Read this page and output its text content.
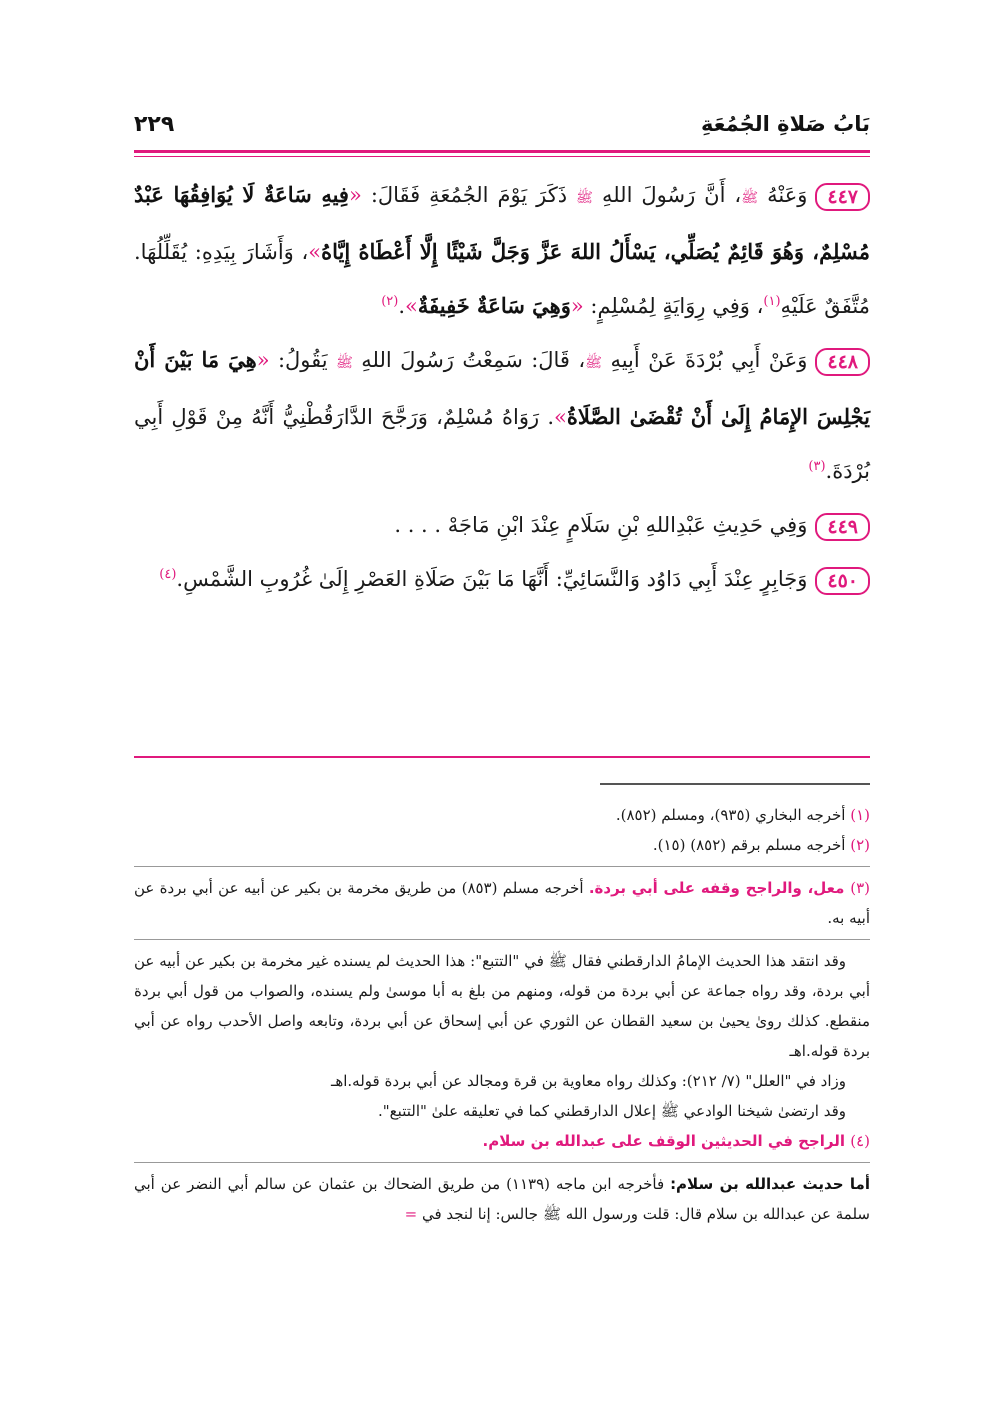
بَابُ صَلاةِ الجُمُعَةِ
٢٢٩

٤٤٧وَعَنْهُ ﷺ، أَنَّ رَسُولَ اللهِ ﷺ ذَكَرَ يَوْمَ الجُمُعَةِ فَقَالَ: «فِيهِ سَاعَةٌ لَا يُوَافِقُهَا عَبْدٌ مُسْلِمٌ، وَهُوَ قَائِمٌ يُصَلِّي، يَسْأَلُ اللهَ عَزَّ وَجَلَّ شَيْئًا إِلَّا أَعْطَاهُ إِيَّاهُ»، وَأَشَارَ بِيَدِهِ: يُقَلِّلُهَا. مُتَّفَقٌ عَلَيْهِ$^{(١)}$، وَفِي رِوَايَةٍ لِمُسْلِمٍ: «وَهِيَ سَاعَةٌ خَفِيفَةٌ».$^{(٢)}$

٤٤٨وَعَنْ أَبِي بُرْدَةَ عَنْ أَبِيهِ ﷺ، قَالَ: سَمِعْتُ رَسُولَ اللهِ ﷺ يَقُولُ: «هِيَ مَا بَيْنَ أَنْ يَجْلِسَ الإِمَامُ إِلَىٰ أَنْ تُقْضَىٰ الصَّلَاةُ». رَوَاهُ مُسْلِمٌ، وَرَجَّحَ الدَّارَقُطْنِيُّ أَنَّهُ مِنْ قَوْلِ أَبِي بُرْدَةَ.$^{(٣)}$

٤٤٩وَفِي حَدِيثِ عَبْدِاللهِ بْنِ سَلَامٍ عِنْدَ ابْنِ مَاجَهْ . . . .

٤٥٠وَجَابِرٍ عِنْدَ أَبِي دَاوُد وَالنَّسَائِيِّ: أَنَّهَا مَا بَيْنَ صَلَاةِ العَصْرِ إِلَىٰ غُرُوبِ الشَّمْسِ.$^{(٤)}$

(١) أخرجه البخاري (٩٣٥)، ومسلم (٨٥٢).

(٢) أخرجه مسلم برقم (٨٥٢) (١٥).

(٣) معل، والراجح وقفه على أبي بردة. أخرجه مسلم (٨٥٣) من طريق مخرمة بن بكير عن أبيه عن أبي بردة عن أبيه به.

وقد انتقد هذا الحديث الإمامُ الدارقطني فقال ﷺ في "التتبع": هذا الحديث لم يسنده غير مخرمة بن بكير عن أبيه عن أبي بردة، وقد رواه جماعة عن أبي بردة من قوله، ومنهم من بلغ به أبا موسىٰ ولم يسنده، والصواب من قول أبي بردة منقطع. كذلك روىٰ يحيىٰ بن سعيد القطان عن الثوري عن أبي إسحاق عن أبي بردة، وتابعه واصل الأحدب رواه عن أبي بردة قوله.اهـ

وزاد في "العلل" (٧/ ٢١٢): وكذلك رواه معاوية بن قرة ومجالد عن أبي بردة قوله.اهـ

وقد ارتضىٰ شيخنا الوادعي ﷺ إعلال الدارقطني كما في تعليقه علىٰ "التتبع".

(٤) الراجح في الحديثين الوقف على عبدالله بن سلام.

أما حديث عبدالله بن سلام: فأخرجه ابن ماجه (١١٣٩) من طريق الضحاك بن عثمان عن سالم أبي النضر عن أبي سلمة عن عبدالله بن سلام قال: قلت ورسول الله ﷺ جالس: إنا لنجد في =
